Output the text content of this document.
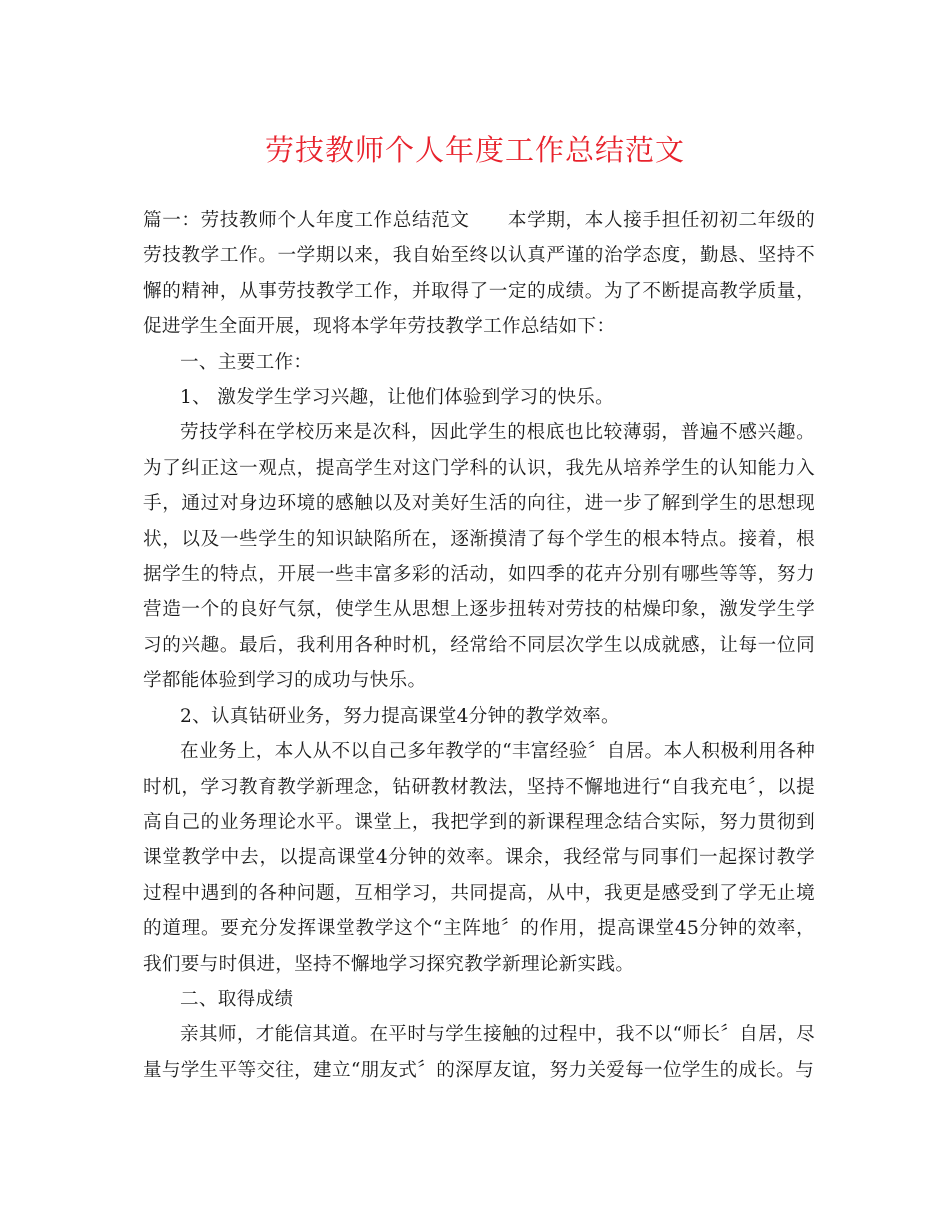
劳技教师个人年度工作总结范文

篇一：劳技教师个人年度工作总结范文 本学期，本人接手担任初初二年级的劳技教学工作。一学期以来，我自始至终以认真严谨的治学态度，勤恳、坚持不懈的精神，从事劳技教学工作，并取得了一定的成绩。为了不断提高教学质量，促进学生全面开展，现将本学年劳技教学工作总结如下：

一、主要工作：

1、 激发学生学习兴趣，让他们体验到学习的快乐。

劳技学科在学校历来是次科，因此学生的根底也比较薄弱，普遍不感兴趣。为了纠正这一观点，提高学生对这门学科的认识，我先从培养学生的认知能力入手，通过对身边环境的感触以及对美好生活的向往，进一步了解到学生的思想现状，以及一些学生的知识缺陷所在，逐渐摸清了每个学生的根本特点。接着，根据学生的特点，开展一些丰富多彩的活动，如四季的花卉分别有哪些等等，努力营造一个的良好气氛，使学生从思想上逐步扭转对劳技的枯燥印象，激发学生学习的兴趣。最后，我利用各种时机，经常给不同层次学生以成就感，让每一位同学都能体验到学习的成功与快乐。

2、认真钻研业务，努力提高课堂4分钟的教学效率。

在业务上，本人从不以自己多年教学的“丰富经验〞自居。本人积极利用各种时机，学习教育教学新理念，钻研教材教法，坚持不懈地进行“自我充电〞，以提高自己的业务理论水平。课堂上，我把学到的新课程理念结合实际，努力贯彻到课堂教学中去，以提高课堂4分钟的效率。课余，我经常与同事们一起探讨教学过程中遇到的各种问题，互相学习，共同提高，从中，我更是感受到了学无止境的道理。要充分发挥课堂教学这个“主阵地〞的作用，提高课堂45分钟的效率，我们要与时俱进，坚持不懈地学习探究教学新理论新实践。

二、取得成绩

亲其师，才能信其道。在平时与学生接触的过程中，我不以“师长〞自居，尽量与学生平等交往，建立“朋友式〞的深厚友谊，努力关爱每一位学生的成长。与
